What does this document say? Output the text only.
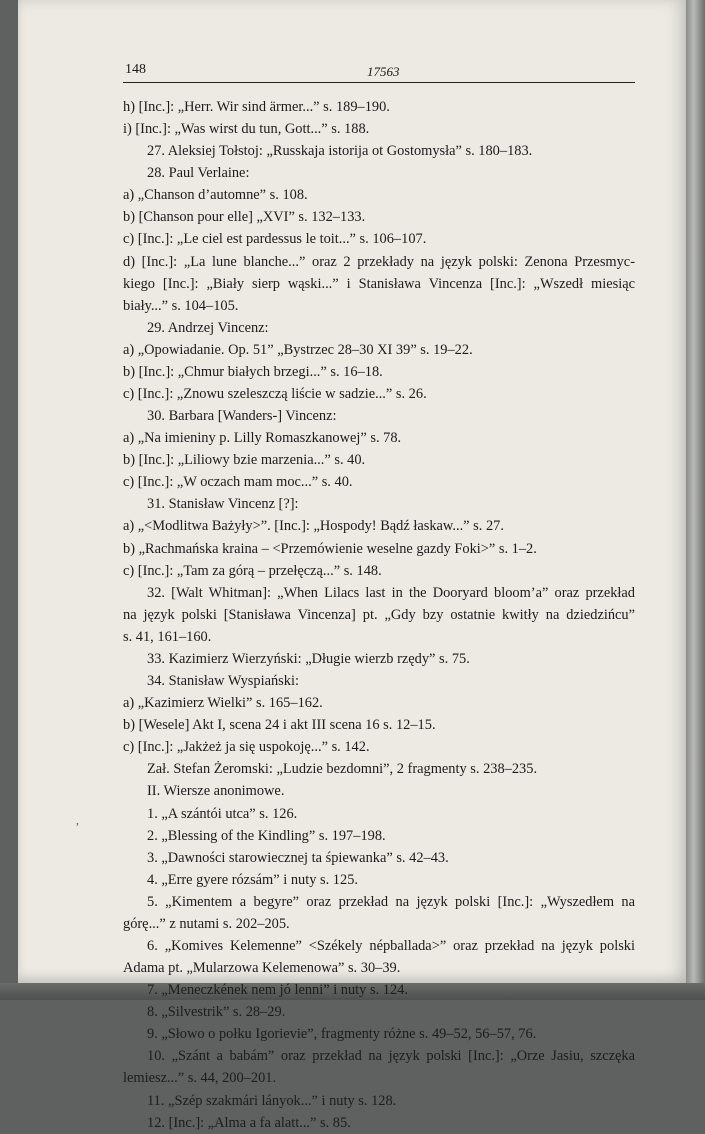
148	17563
h) [Inc.]: „Herr. Wir sind ärmer...” s. 189–190.
i) [Inc.]: „Was wirst du tun, Gott...” s. 188.
27. Aleksiej Tołstoj: „Russkaja istorija ot Gostomysła” s. 180–183.
28. Paul Verlaine:
a) „Chanson d’automne” s. 108.
b) [Chanson pour elle] „XVI” s. 132–133.
c) [Inc.]: „Le ciel est pardessus le toit...” s. 106–107.
d) [Inc.]: „La lune blanche...” oraz 2 przekłady na język polski: Zenona Przesmyc-
kiego [Inc.]: „Biały sierp wąski...” i Stanisława Vincenza [Inc.]: „Wszedł miesiąc
biały...” s. 104–105.
29. Andrzej Vincenz:
a) „Opowiadanie. Op. 51” „Bystrzec 28–30 XI 39” s. 19–22.
b) [Inc.]: „Chmur białych brzegi...” s. 16–18.
c) [Inc.]: „Znowu szeleszczą liście w sadzie...” s. 26.
30. Barbara [Wanders-] Vincenz:
a) „Na imieniny p. Lilly Romaszkanowej” s. 78.
b) [Inc.]: „Liliowy bzie marzenia...” s. 40.
c) [Inc.]: „W oczach mam moc...” s. 40.
31. Stanisław Vincenz [?]:
a) „<Modlitwa Bażyły>”. [Inc.]: „Hospody! Bądź łaskaw...” s. 27.
b) „Rachmańska kraina – <Przemówienie weselne gazdy Foki>” s. 1–2.
c) [Inc.]: „Tam za górą – przełęczą...” s. 148.
32. [Walt Whitman]: „When Lilacs last in the Dooryard bloom’a” oraz przekład
na język polski [Stanisława Vincenza] pt. „Gdy bzy ostatnie kwitły na dziedzińcu”
s. 41, 161–160.
33. Kazimierz Wierzyński: „Długie wierzb rzędy” s. 75.
34. Stanisław Wyspiański:
a) „Kazimierz Wielki” s. 165–162.
b) [Wesele] Akt I, scena 24 i akt III scena 16 s. 12–15.
c) [Inc.]: „Jakżeż ja się uspokoję...” s. 142.
Zał. Stefan Żeromski: „Ludzie bezdomni”, 2 fragmenty s. 238–235.
II. Wiersze anonimowe.
1. „A szántói utca” s. 126.
2. „Blessing of the Kindling” s. 197–198.
3. „Dawności starowiecznej ta śpiewanka” s. 42–43.
4. „Erre gyere rózsám” i nuty s. 125.
5. „Kimentem a begyre” oraz przekład na język polski [Inc.]: „Wyszedłem na
górę...” z nutami s. 202–205.
6. „Komives Kelemenne” <Székely népballada>” oraz przekład na język polski
Adama pt. „Mularzowa Kelemenowa” s. 30–39.
7. „Meneczkének nem jó lenni” i nuty s. 124.
8. „Silvestrik” s. 28–29.
9. „Słowo o połku Igorievie”, fragmenty różne s. 49–52, 56–57, 76.
10. „Szánt a babám” oraz przekład na język polski [Inc.]: „Orze Jasiu, szczęka
lemiesz...” s. 44, 200–201.
11. „Szép szakmári lányok...” i nuty s. 128.
12. [Inc.]: „Alma a fa alatt...” s. 85.
,
